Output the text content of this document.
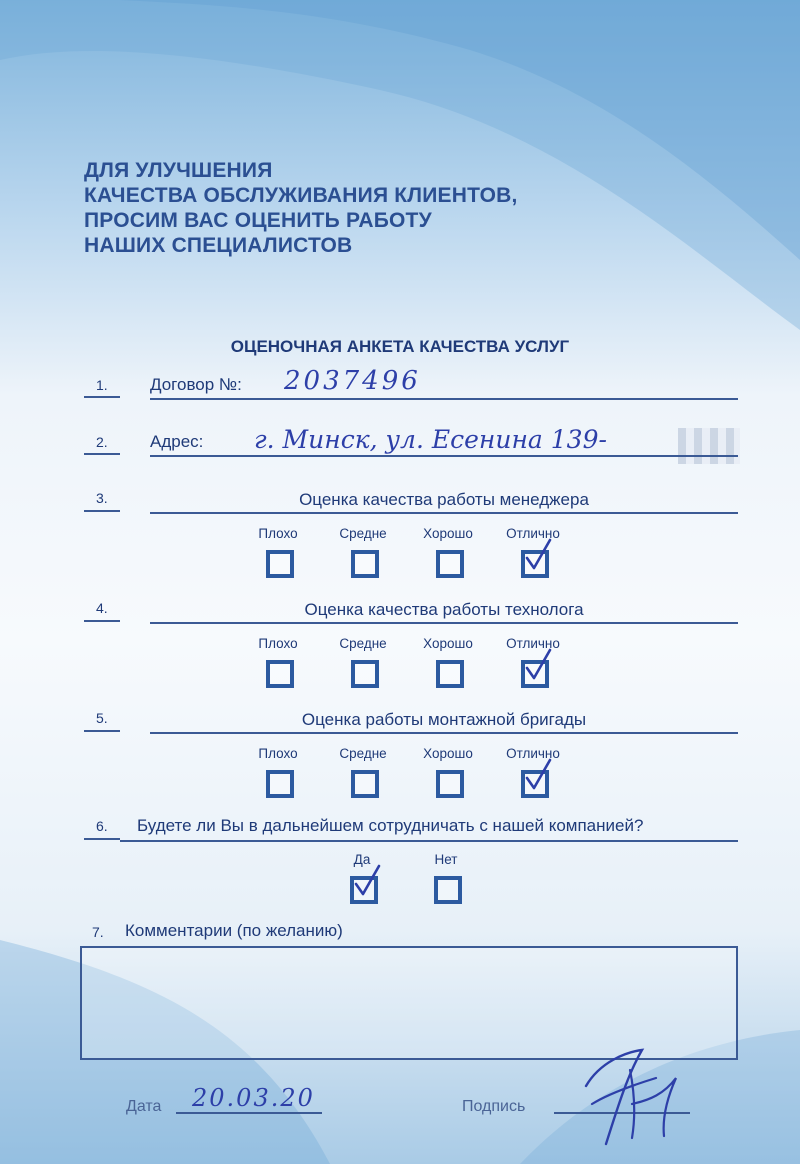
ДЛЯ УЛУЧШЕНИЯ
КАЧЕСТВА ОБСЛУЖИВАНИЯ КЛИЕНТОВ,
ПРОСИМ ВАС ОЦЕНИТЬ РАБОТУ
НАШИХ СПЕЦИАЛИСТОВ
ОЦЕНОЧНАЯ АНКЕТА КАЧЕСТВА УСЛУГ
1. Договор №: 2037496
2. Адрес: г. Минск, ул. Есенина 139-
3.	Оценка качества работы менеджера
Плохо	Средне	Хорошо	Отлично
4.	Оценка качества работы технолога
Плохо	Средне	Хорошо	Отлично
5.	Оценка работы монтажной бригады
Плохо	Средне	Хорошо	Отлично
6. Будете ли Вы в дальнейшем сотрудничать с нашей компанией?
Да	Нет
7. Комментарии (по желанию)
Дата 20.03.20	Подпись
